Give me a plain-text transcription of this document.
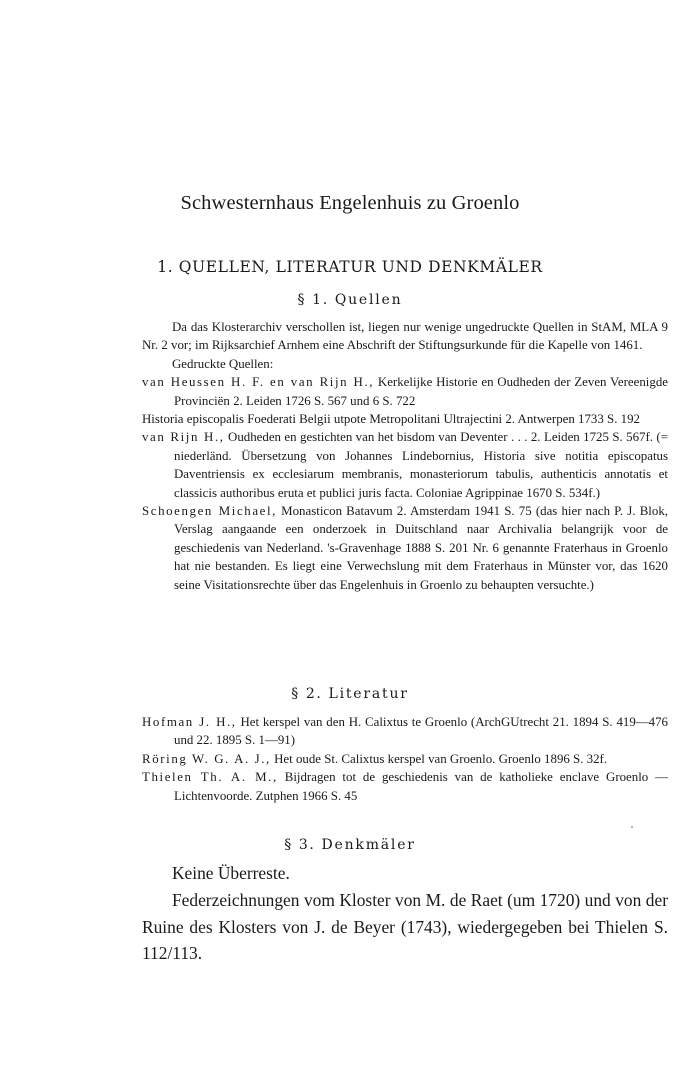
Schwesternhaus Engelenhuis zu Groenlo
1. QUELLEN, LITERATUR UND DENKMÄLER
§ 1. Quellen

Da das Klosterarchiv verschollen ist, liegen nur wenige ungedruckte Quellen in StAM, MLA 9 Nr. 2 vor; im Rijksarchief Arnhem eine Abschrift der Stiftungsurkunde für die Kapelle von 1461.

Gedruckte Quellen:

van Heussen H. F. en van Rijn H., Kerkelijke Historie en Oudheden der Zeven Vereenigde Provinciën 2. Leiden 1726 S. 567 und 6 S. 722

Historia episcopalis Foederati Belgii utpote Metropolitani Ultrajectini 2. Antwerpen 1733 S. 192

van Rijn H., Oudheden en gestichten van het bisdom van Deventer . . . 2. Leiden 1725 S. 567f. (= niederländ. Übersetzung von Johannes Lindebornius, Historia sive notitia episcopatus Daventriensis ex ecclesiarum membranis, monasteriorum tabulis, authenticis annotatis et classicis authoribus eruta et publici juris facta. Coloniae Agrippinae 1670 S. 534f.)

Schoengen Michael, Monasticon Batavum 2. Amsterdam 1941 S. 75 (das hier nach P. J. Blok, Verslag aangaande een onderzoek in Duitschland naar Archivalia belangrijk voor de geschiedenis van Nederland. 's-Gravenhage 1888 S. 201 Nr. 6 genannte Fraterhaus in Groenlo hat nie bestanden. Es liegt eine Verwechslung mit dem Fraterhaus in Münster vor, das 1620 seine Visitationsrechte über das Engelenhuis in Groenlo zu behaupten versuchte.)

§ 2. Literatur

Hofman J. H., Het kerspel van den H. Calixtus te Groenlo (ArchGUtrecht 21. 1894 S. 419—476 und 22. 1895 S. 1—91)

Röring W. G. A. J., Het oude St. Calixtus kerspel van Groenlo. Groenlo 1896 S. 32f.

Thielen Th. A. M., Bijdragen tot de geschiedenis van de katholieke enclave Groenlo — Lichtenvoorde. Zutphen 1966 S. 45

§ 3. Denkmäler

Keine Überreste.

Federzeichnungen vom Kloster von M. de Raet (um 1720) und von der Ruine des Klosters von J. de Beyer (1743), wiedergegeben bei Thielen S. 112/113.
